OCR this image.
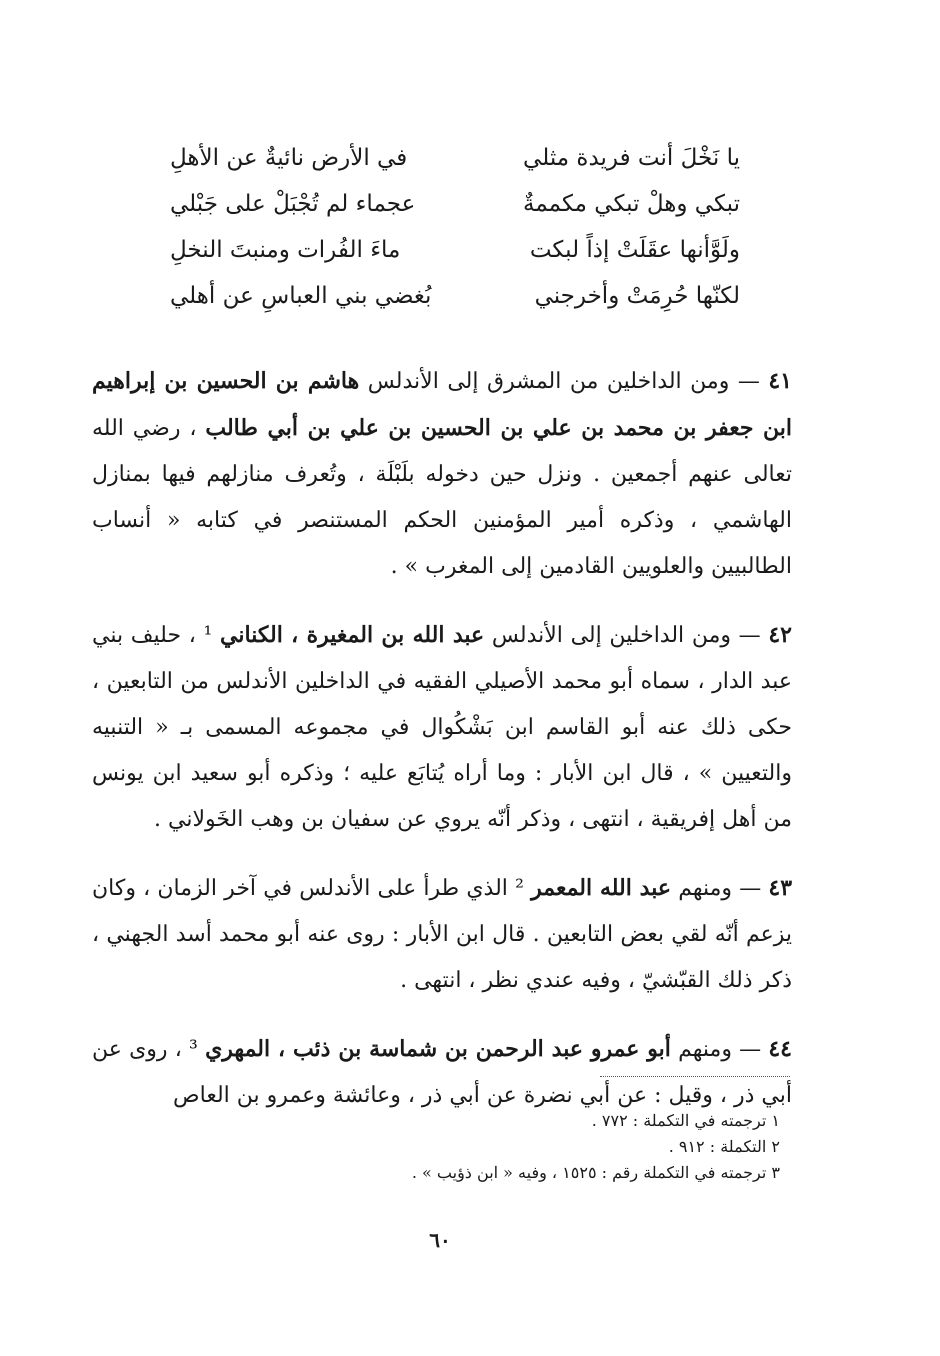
يا نَخْلَ أنت فريدة مثلي
في الأرض نائيةٌ عن الأهلِ
تبكي وهلْ تبكي مكممةٌ
عجماء لم تُجْبَلْ على جَبْلي
ولَوَّأنها عقَلَتْ إذاً لبكت
ماءَ الفُرات ومنبتَ النخلِ
لكنّها حُرِمَتْ وأخرجني
بُغضي بني العباسِ عن أهلي

٤١ — ومن الداخلين من المشرق إلى الأندلس هاشم بن الحسين بن إبراهيم ابن جعفر بن محمد بن علي بن الحسين بن علي بن أبي طالب ، رضي الله تعالى عنهم أجمعين . ونزل حين دخوله بلَبْلَة ، وتُعرف منازلهم فيها بمنازل الهاشمي ، وذكره أمير المؤمنين الحكم المستنصر في كتابه « أنساب الطالبيين والعلويين القادمين إلى المغرب » .

٤٢ — ومن الداخلين إلى الأندلس عبد الله بن المغيرة ، الكناني ¹ ، حليف بني عبد الدار ، سماه أبو محمد الأصيلي الفقيه في الداخلين الأندلس من التابعين ، حكى ذلك عنه أبو القاسم ابن بَشْكُوال في مجموعه المسمى بـ « التنبيه والتعيين » ، قال ابن الأبار : وما أراه يُتابَع عليه ؛ وذكره أبو سعيد ابن يونس من أهل إفريقية ، انتهى ، وذكر أنّه يروي عن سفيان بن وهب الخَولاني .

٤٣ — ومنهم عبد الله المعمر ² الذي طرأ على الأندلس في آخر الزمان ، وكان يزعم أنّه لقي بعض التابعين . قال ابن الأبار : روى عنه أبو محمد أسد الجهني ، ذكر ذلك القبّشيّ ، وفيه عندي نظر ، انتهى .

٤٤ — ومنهم أبو عمرو عبد الرحمن بن شماسة بن ذئب ، المهري ³ ، روى عن أبي ذر ، وقيل : عن أبي نضرة عن أبي ذر ، وعائشة وعمرو بن العاص

١ ترجمته في التكملة : ٧٧٢ .
٢ التكملة : ٩١٢ .
٣ ترجمته في التكملة رقم : ١٥٢٥ ، وفيه « ابن ذؤيب » .
٦٠
